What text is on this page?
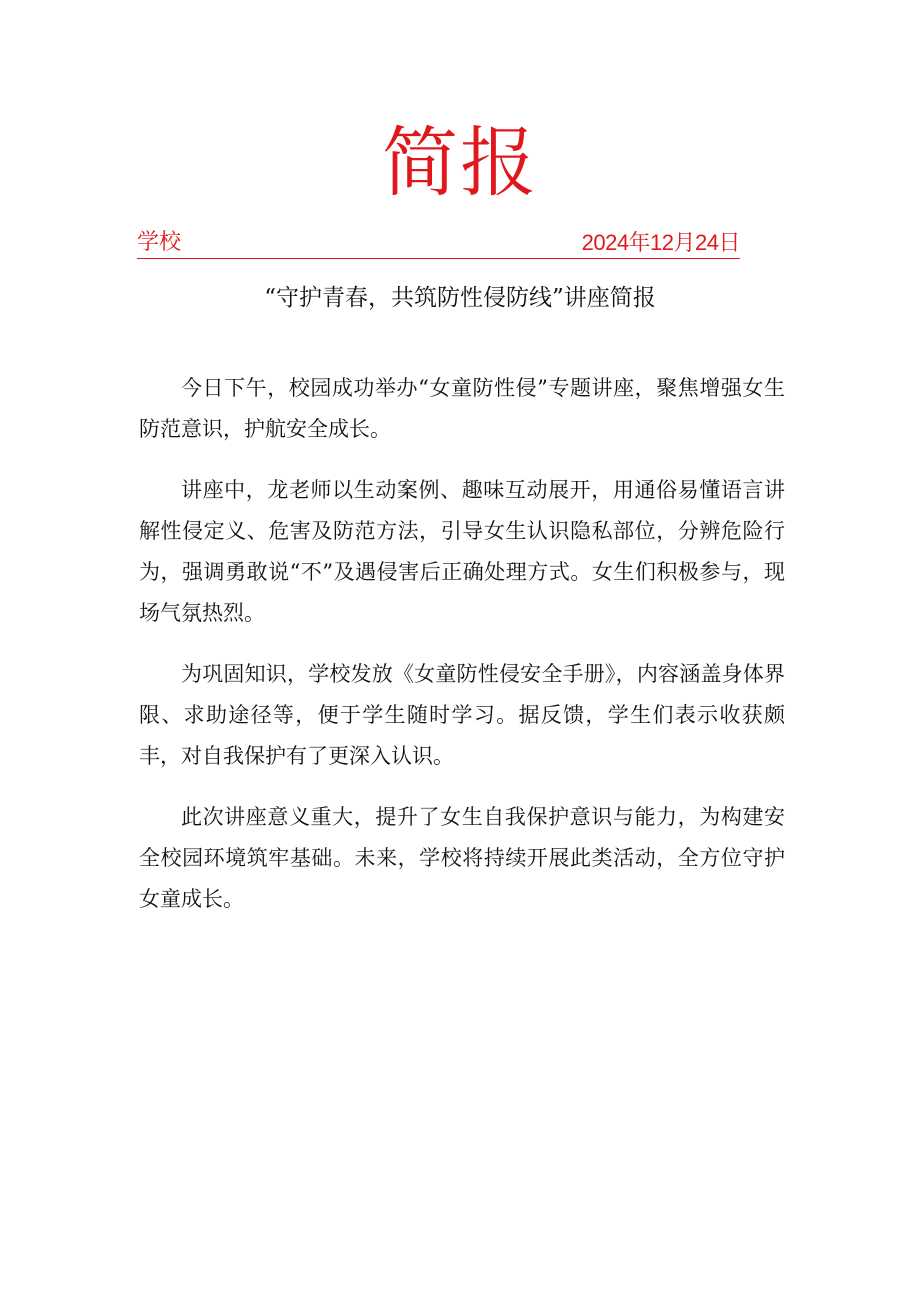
简报
学校	2024年12月24日
“守护青春，共筑防性侵防线”讲座简报

今日下午，校园成功举办“女童防性侵”专题讲座，聚焦增强女生防范意识，护航安全成长。

讲座中，龙老师以生动案例、趣味互动展开，用通俗易懂语言讲解性侵定义、危害及防范方法，引导女生认识隐私部位，分辨危险行为，强调勇敢说“不”及遇侵害后正确处理方式。女生们积极参与，现场气氛热烈。

为巩固知识，学校发放《女童防性侵安全手册》，内容涵盖身体界限、求助途径等，便于学生随时学习。据反馈，学生们表示收获颇丰，对自我保护有了更深入认识。

此次讲座意义重大，提升了女生自我保护意识与能力，为构建安全校园环境筑牢基础。未来，学校将持续开展此类活动，全方位守护女童成长。
